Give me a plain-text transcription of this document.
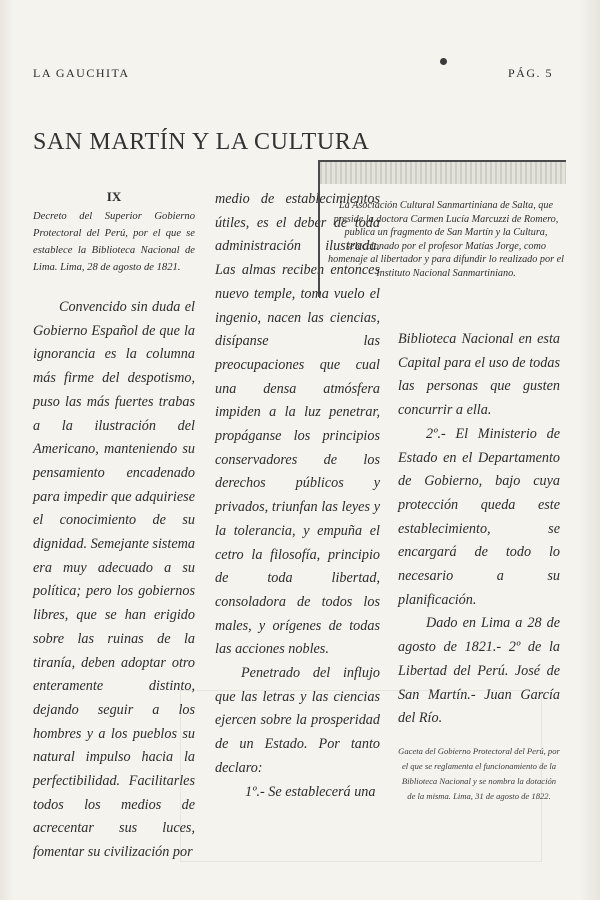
LA GAUCHITA	PÁG. 5
SAN MARTÍN Y LA CULTURA
IX

Decreto del Superior Gobierno Protectoral del Perú, por el que se establece la Biblioteca Nacional de Lima. Lima, 28 de agosto de 1821.

Convencido sin duda el Gobierno Español de que la ignorancia es la columna más firme del despotismo, puso las más fuertes trabas a la ilustración del Americano, manteniendo su pensamiento encadenado para impedir que adquiriese el conocimiento de su dignidad. Semejante sistema era muy adecuado a su política; pero los gobiernos libres, que se han erigido sobre las ruinas de la tiranía, deben adoptar otro enteramente distinto, dejando seguir a los hombres y a los pueblos su natural impulso hacia la perfectibilidad. Facilitarles todos los medios de acrecentar sus luces, fomentar su civilización por

medio de establecimientos útiles, es el deber de toda administración ilustrada. Las almas reciben entonces nuevo temple, toma vuelo el ingenio, nacen las ciencias, disípanse las preocupaciones que cual una densa atmósfera impiden a la luz penetrar, propáganse los principios conservadores de los derechos públicos y privados, triunfan las leyes y la tolerancia, y empuña el cetro la filosofía, principio de toda libertad, consoladora de todos los males, y orígenes de todas las acciones nobles.

Penetrado del influjo que las letras y las ciencias ejercen sobre la prosperidad de un Estado. Por tanto declaro:

1º.- Se establecerá una

La Asociación Cultural Sanmartiniana de Salta, que preside la doctora Carmen Lucía Marcuzzi de Romero, publica un fragmento de San Martín y la Cultura, seleccionado por el profesor Matías Jorge, como homenaje al libertador y para difundir lo realizado por el Instituto Nacional Sanmartiniano.

Biblioteca Nacional en esta Capital para el uso de todas las personas que gusten concurrir a ella.

2º.- El Ministerio de Estado en el Departamento de Gobierno, bajo cuya protección queda este establecimiento, se encargará de todo lo necesario a su planificación.

Dado en Lima a 28 de agosto de 1821.- 2º de la Libertad del Perú. José de San Martín.- Juan García del Río.

Gaceta del Gobierno Protectoral del Perú, por el que se reglamenta el funcionamiento de la Biblioteca Nacional y se nombra la dotación de la misma. Lima, 31 de agosto de 1822.
